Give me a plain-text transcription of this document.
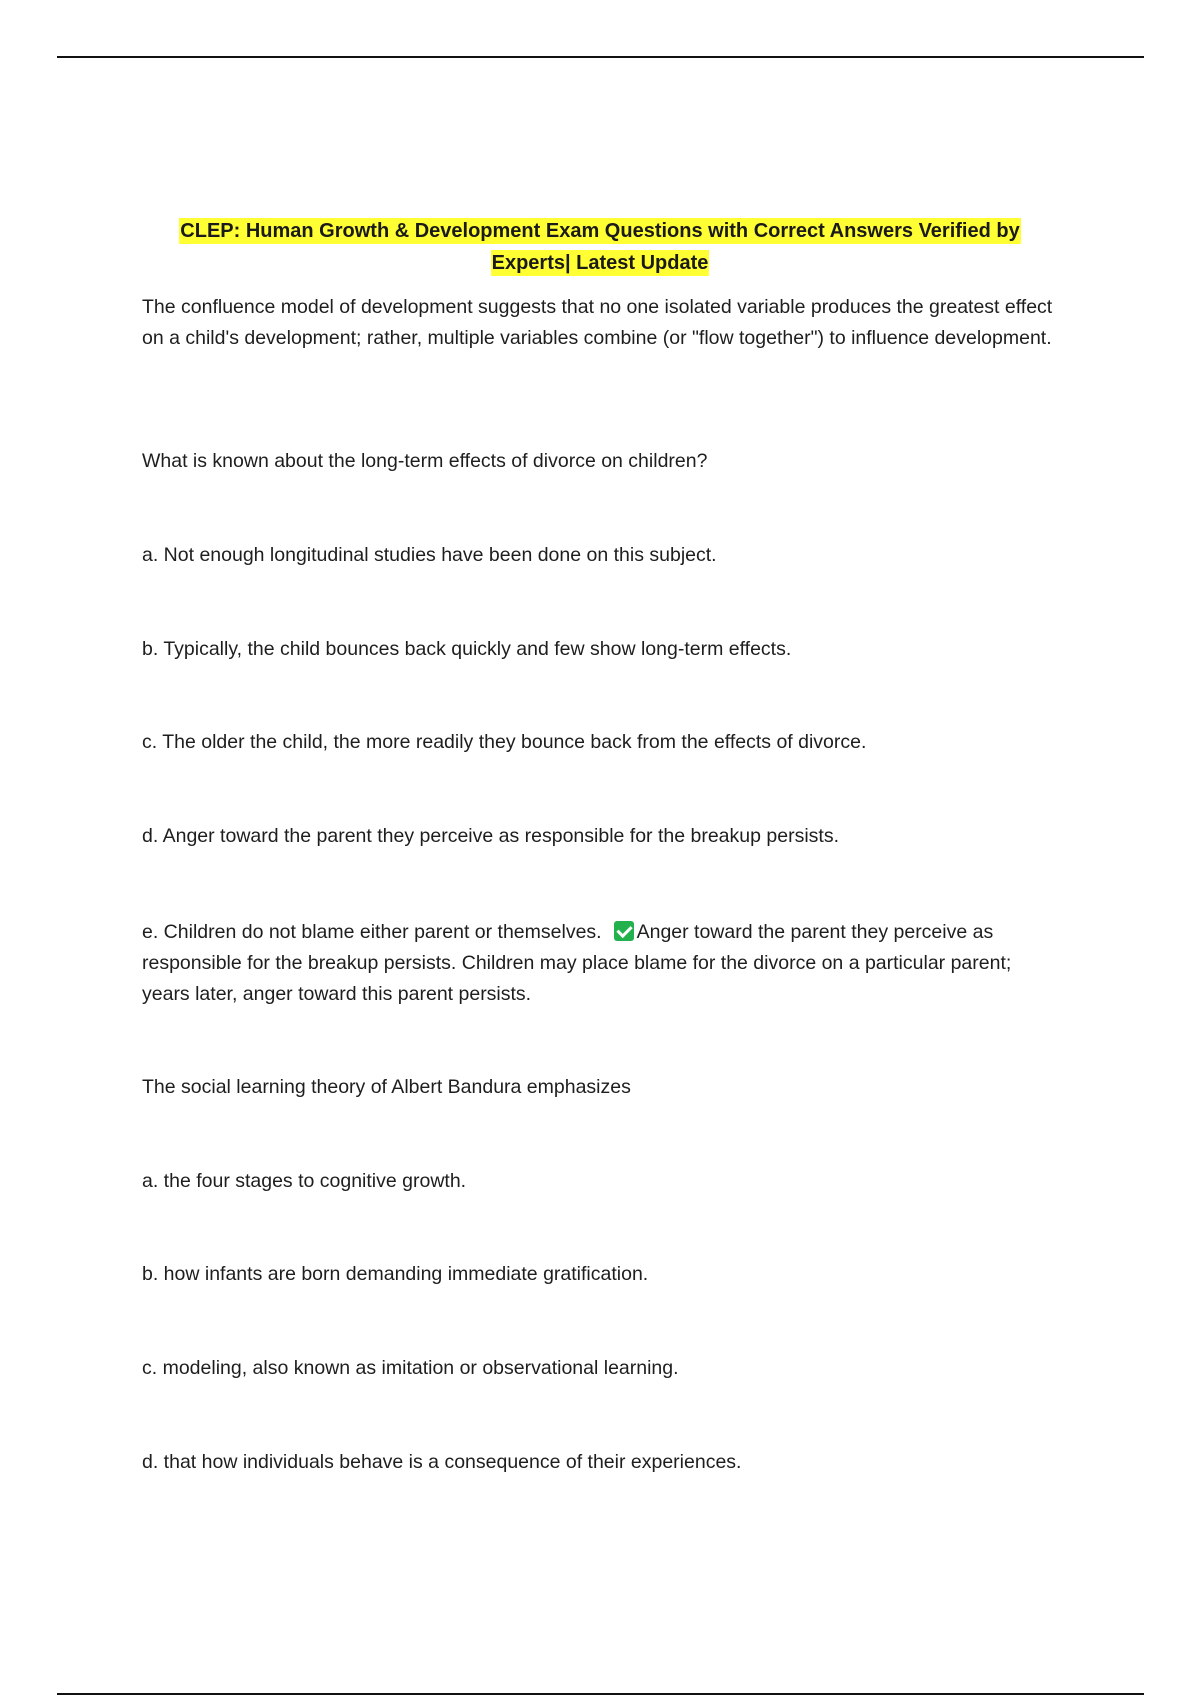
CLEP: Human Growth & Development Exam Questions with Correct Answers Verified by
Experts| Latest Update

The confluence model of development suggests that no one isolated variable produces the greatest effect on a child's development; rather, multiple variables combine (or "flow together") to influence development.

What is known about the long-term effects of divorce on children?

a. Not enough longitudinal studies have been done on this subject.

b. Typically, the child bounces back quickly and few show long-term effects.

c. The older the child, the more readily they bounce back from the effects of divorce.

d. Anger toward the parent they perceive as responsible for the breakup persists.

e. Children do not blame either parent or themselves. Anger toward the parent they perceive as responsible for the breakup persists. Children may place blame for the divorce on a particular parent; years later, anger toward this parent persists.

The social learning theory of Albert Bandura emphasizes

a. the four stages to cognitive growth.

b. how infants are born demanding immediate gratification.

c. modeling, also known as imitation or observational learning.

d. that how individuals behave is a consequence of their experiences.
